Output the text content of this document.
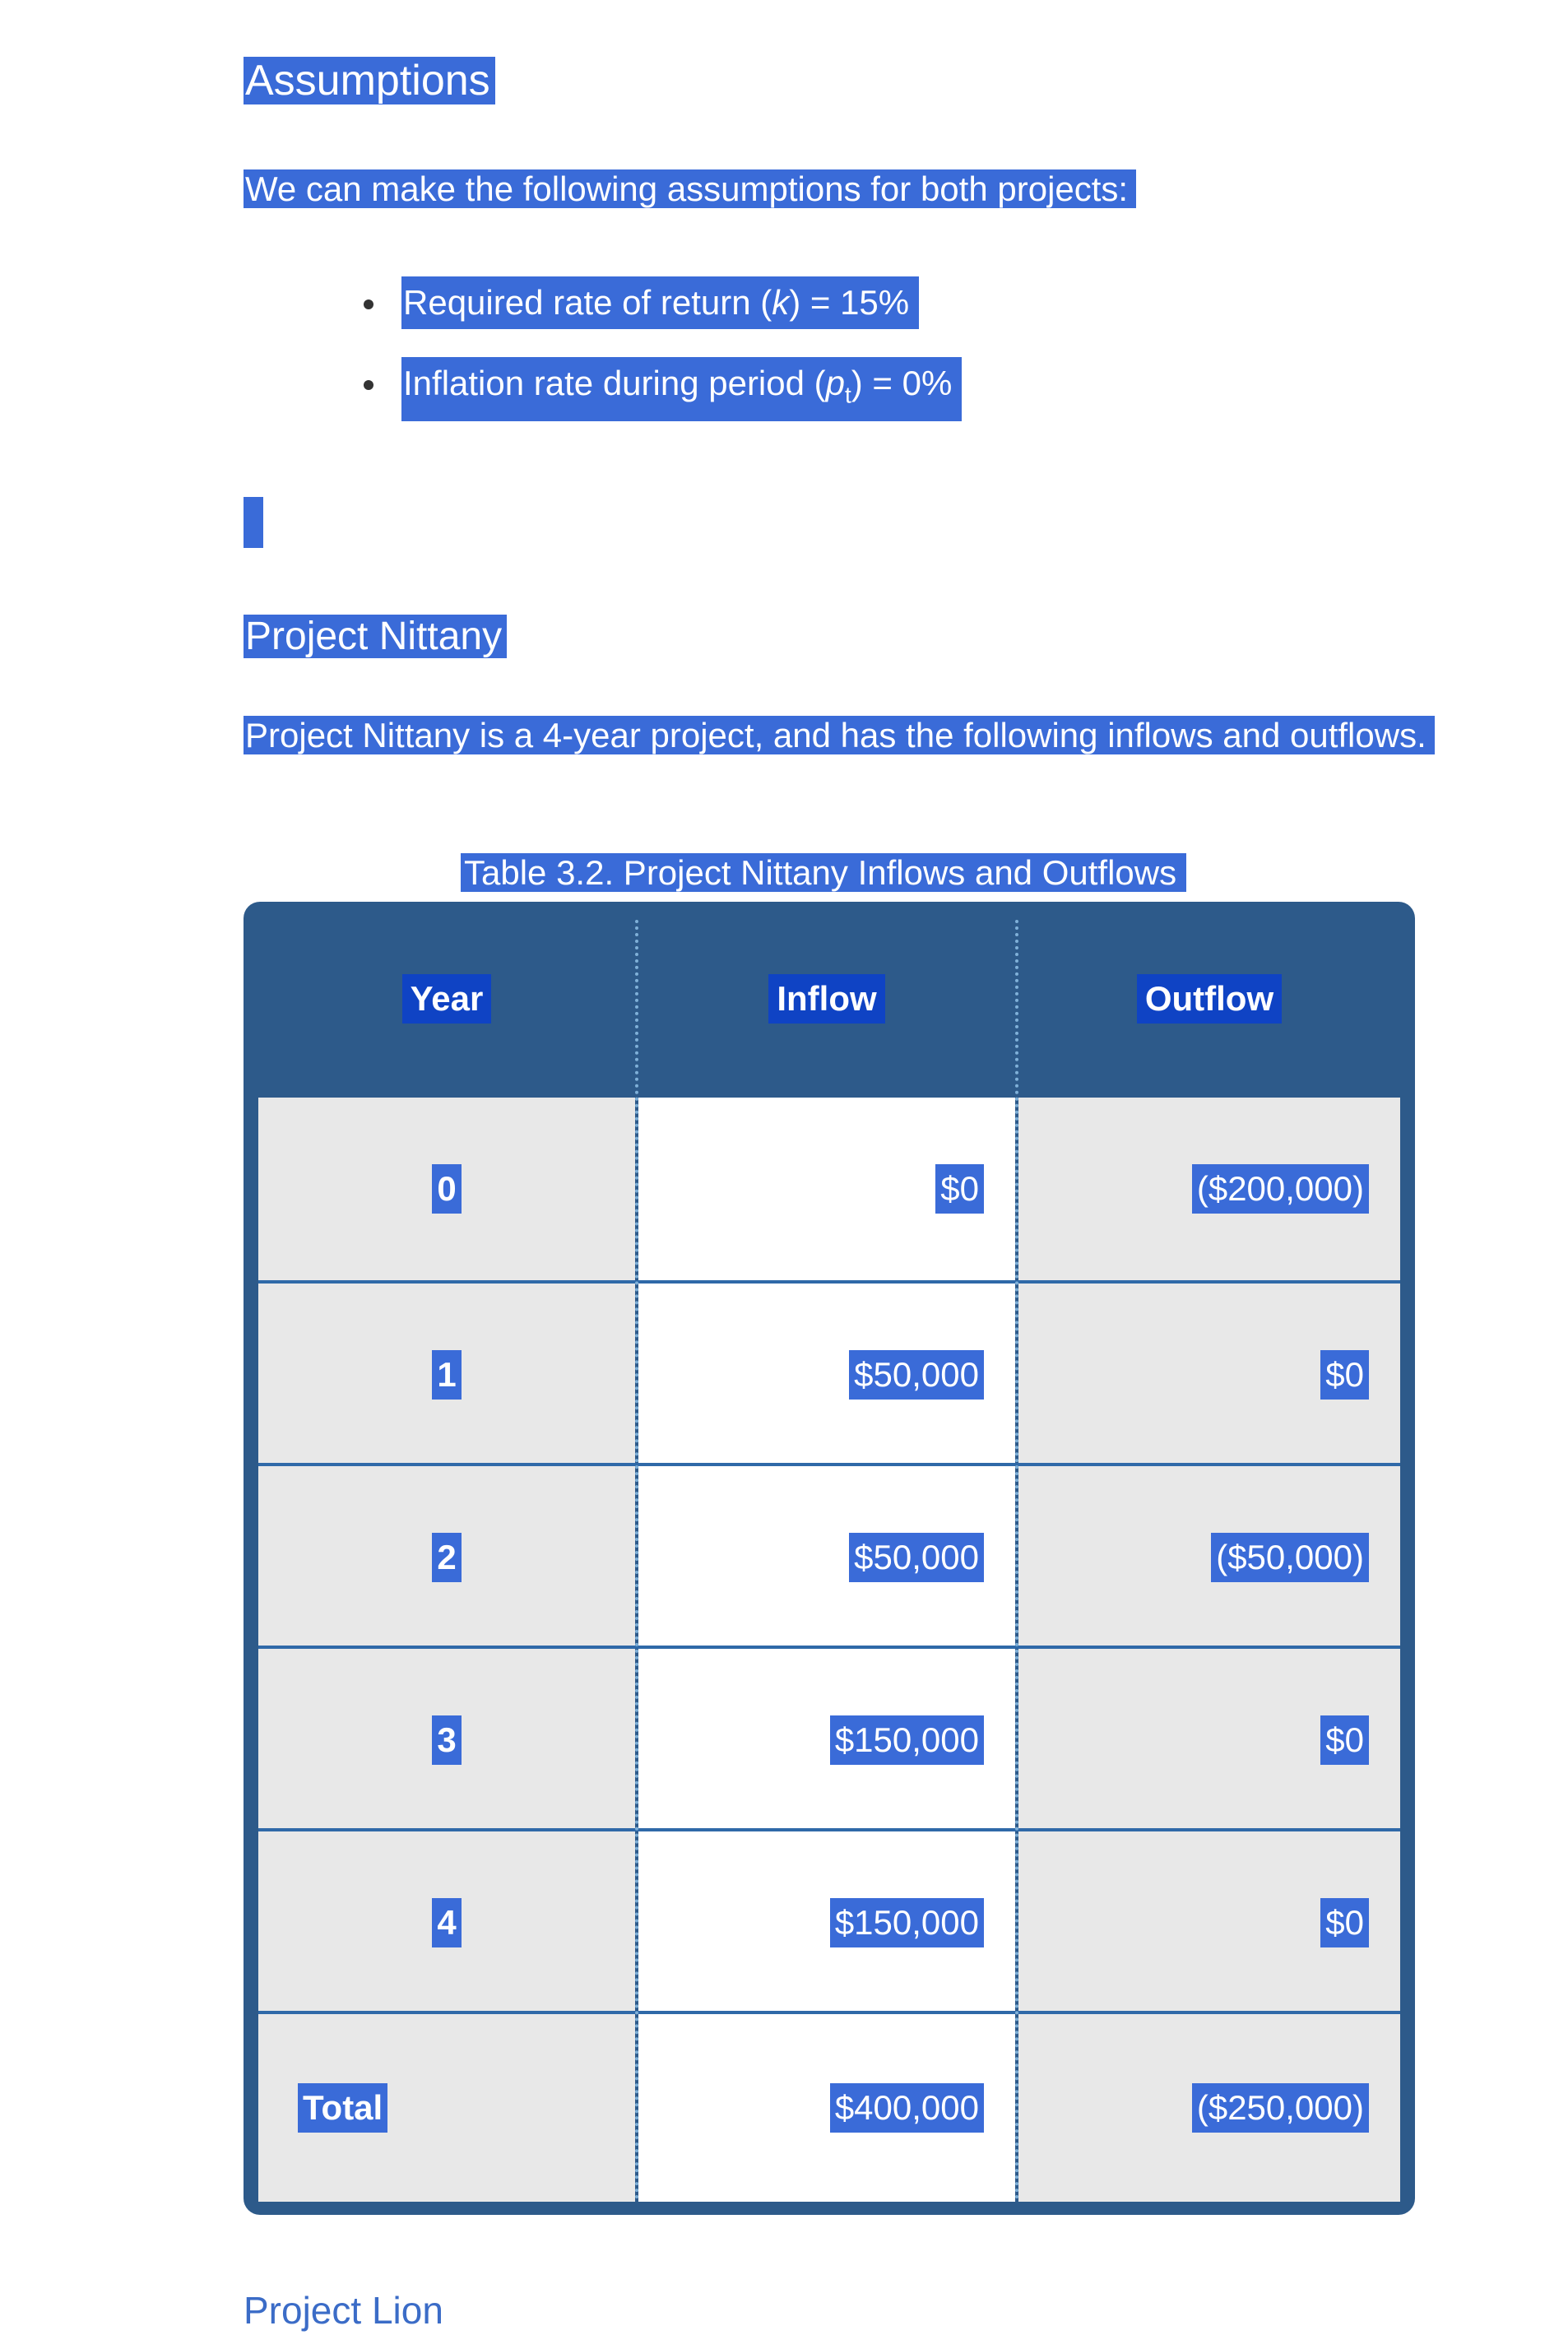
Assumptions

We can make the following assumptions for both projects:

Required rate of return (k) = 15%
Inflation rate during period $(p_t) = 0\%$
Project Nittany

Project Nittany is a 4-year project, and has the following inflows and outflows.

Table 3.2. Project Nittany Inflows and Outflows
Year	Inflow	Outflow
0	$0	($200,000)
1	$50,000	$0
2	$50,000	($50,000)
3	$150,000	$0
4	$150,000	$0
Total	$400,000	($250,000)
Project Lion
